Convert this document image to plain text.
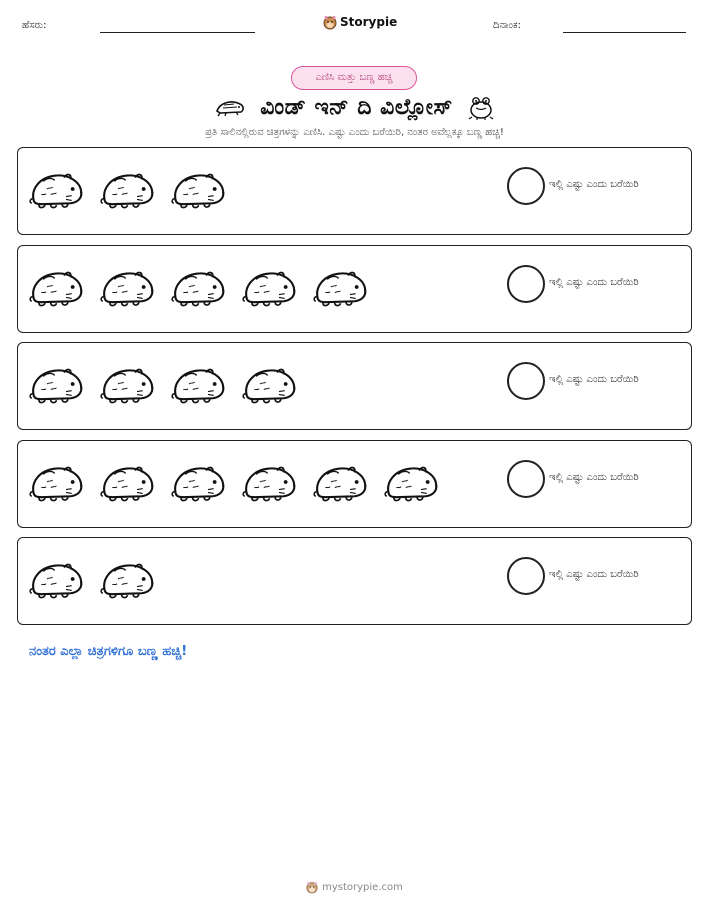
ಹೆಸರು:	Storypie	ದಿನಾಂಕ:
ಎಣಿಸಿ ಮತ್ತು ಬಣ್ಣ ಹಚ್ಚಿ
ವಿಂಡ್ ಇನ್ ದಿ ವಿಲ್ಲೋಸ್
ಪ್ರತಿ ಸಾಲಿನಲ್ಲಿರುವ ಚಿತ್ರಗಳನ್ನು ಎಣಿಸಿ. ಎಷ್ಟು ಎಂದು ಬರೆಯಿರಿ, ನಂತರ ಅವೆಲ್ಲಕ್ಕೂ ಬಣ್ಣ ಹಚ್ಚಿ!
ಇಲ್ಲಿ ಎಷ್ಟು ಎಂದು ಬರೆಯಿರಿ
ಇಲ್ಲಿ ಎಷ್ಟು ಎಂದು ಬರೆಯಿರಿ
ಇಲ್ಲಿ ಎಷ್ಟು ಎಂದು ಬರೆಯಿರಿ
ಇಲ್ಲಿ ಎಷ್ಟು ಎಂದು ಬರೆಯಿರಿ
ಇಲ್ಲಿ ಎಷ್ಟು ಎಂದು ಬರೆಯಿರಿ
ನಂತರ ಎಲ್ಲಾ ಚಿತ್ರಗಳಿಗೂ ಬಣ್ಣ ಹಚ್ಚಿ!
mystorypie.com
